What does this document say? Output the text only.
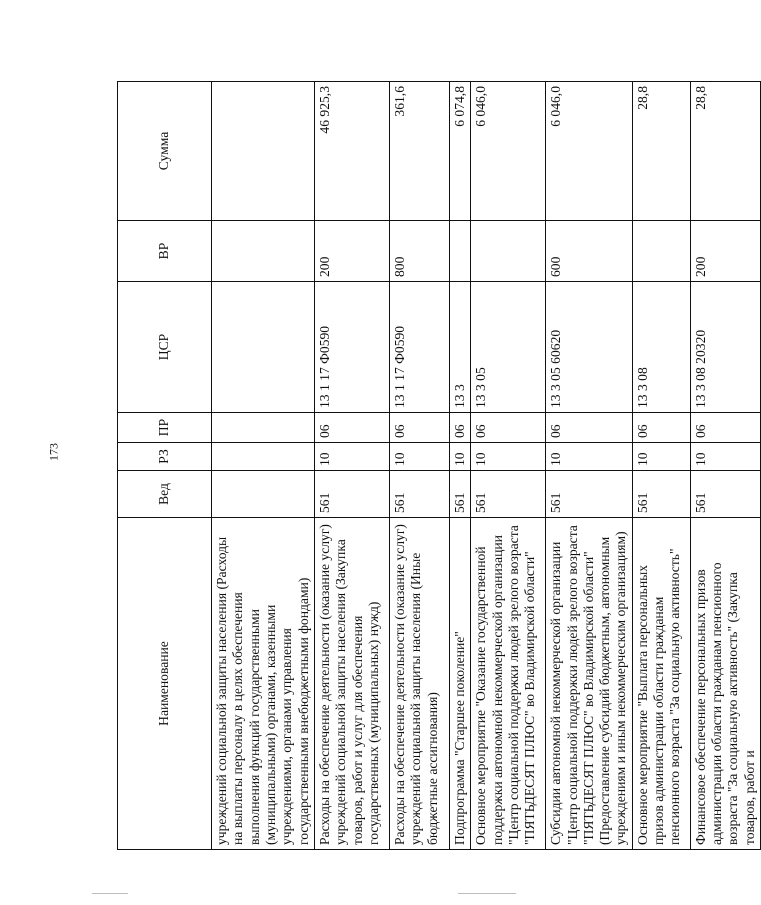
173
Наименование	Вед	РЗ	ПР	ЦСР	ВР	Сумма
учреждений социальной защиты населения (Расходы на выплаты персоналу в целях обеспечения выполнения функций государственными (муниципальными) органами, казенными учреждениями, органами управления государственными внебюджетными фондами)						
Расходы на обеспечение деятельности (оказание услуг) учреждений социальной защиты населения (Закупка товаров, работ и услуг для обеспечения государственных (муниципальных) нужд)	561	10	06	13 1 17 Ф0590	200	46 925,3
Расходы на обеспечение деятельности (оказание услуг) учреждений социальной защиты населения (Иные бюджетные ассигнования)	561	10	06	13 1 17 Ф0590	800	361,6
Подпрограмма "Старшее поколение"	561	10	06	13 3		6 074,8
Основное мероприятие "Оказание государственной поддержки автономной некоммерческой организации "Центр социальной поддержки людей зрелого возраста "ПЯТЬДЕСЯТ ПЛЮС" во Владимирской области"	561	10	06	13 3 05		6 046,0
Субсидии автономной некоммерческой организации "Центр социальной поддержки людей зрелого возраста "ПЯТЬДЕСЯТ ПЛЮС" во Владимирской области" (Предоставление субсидий бюджетным, автономным учреждениям и иным некоммерческим организациям)	561	10	06	13 3 05 60620	600	6 046,0
Основное мероприятие "Выплата персональных призов администрации области гражданам пенсионного возраста "За социальную активность"	561	10	06	13 3 08		28,8
Финансовое обеспечение персональных призов администрации области гражданам пенсионного возраста "За социальную активность" (Закупка товаров, работ и	561	10	06	13 3 08 20320	200	28,8
